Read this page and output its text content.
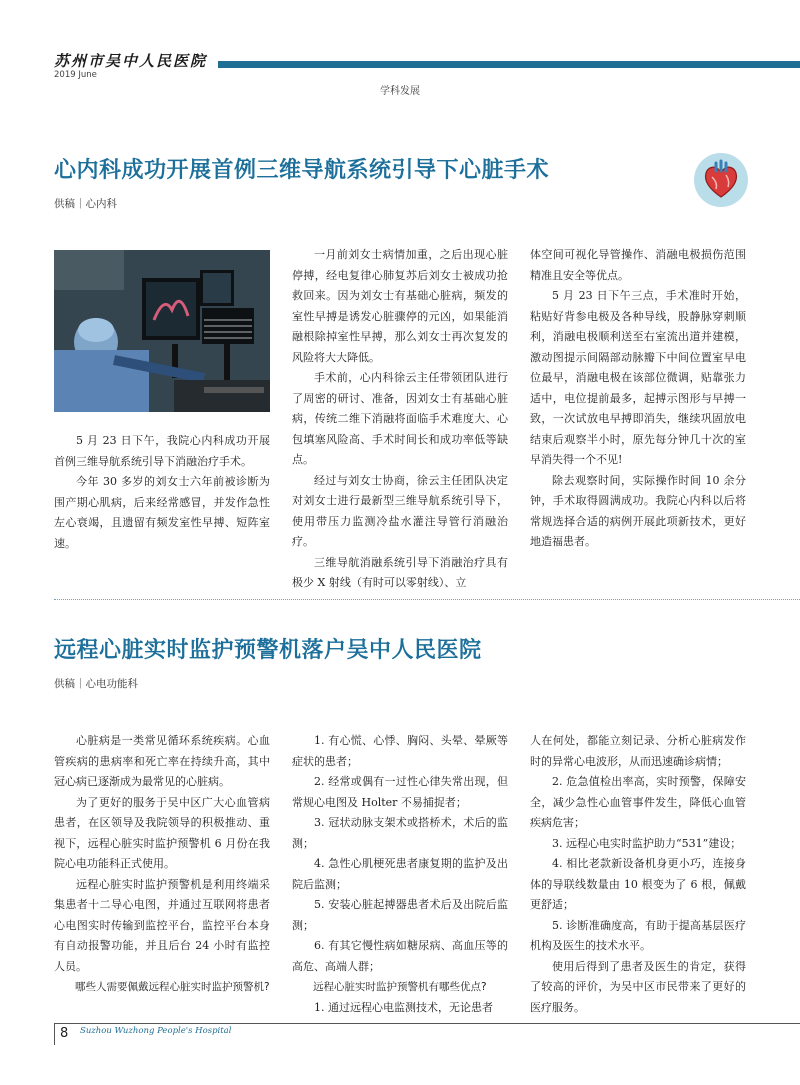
苏州市吴中人民医院
2019 June
学科发展
心内科成功开展首例三维导航系统引导下心脏手术
供稿｜心内科

5 月 23 日下午，我院心内科成功开展首例三维导航系统引导下消融治疗手术。

今年 30 多岁的刘女士六年前被诊断为围产期心肌病，后来经常感冒，并发作急性左心衰竭，且遗留有频发室性早搏、短阵室速。

一月前刘女士病情加重，之后出现心脏停搏，经电复律心肺复苏后刘女士被成功抢救回来。因为刘女士有基础心脏病，频发的室性早搏是诱发心脏骤停的元凶，如果能消融根除掉室性早搏，那么刘女士再次复发的风险将大大降低。

手术前，心内科徐云主任带领团队进行了周密的研讨、准备，因刘女士有基础心脏病，传统二维下消融将面临手术难度大、心包填塞风险高、手术时间长和成功率低等缺点。

经过与刘女士协商，徐云主任团队决定对刘女士进行最新型三维导航系统引导下，使用带压力监测冷盐水灌注导管行消融治疗。

三维导航消融系统引导下消融治疗具有极少 X 射线（有时可以零射线）、立

体空间可视化导管操作、消融电极损伤范围精准且安全等优点。

5 月 23 日下午三点，手术准时开始，粘贴好背参电极及各种导线，股静脉穿刺顺利，消融电极顺利送至右室流出道并建模，激动图提示间隔部动脉瓣下中间位置室早电位最早，消融电极在该部位微调，贴靠张力适中，电位提前最多，起搏示图形与早搏一致，一次试放电早搏即消失，继续巩固放电结束后观察半小时，原先每分钟几十次的室早消失得一个不见!

除去观察时间，实际操作时间 10 余分钟，手术取得圆满成功。我院心内科以后将常规选择合适的病例开展此项新技术，更好地造福患者。

远程心脏实时监护预警机落户吴中人民医院
供稿｜心电功能科

心脏病是一类常见循环系统疾病。心血管疾病的患病率和死亡率在持续升高，其中冠心病已逐渐成为最常见的心脏病。

为了更好的服务于吴中区广大心血管病患者，在区领导及我院领导的积极推动、重视下，远程心脏实时监护预警机 6 月份在我院心电功能科正式使用。

远程心脏实时监护预警机是利用终端采集患者十二导心电图，并通过互联网将患者心电图实时传输到监控平台，监控平台本身有自动报警功能，并且后台 24 小时有监控人员。

哪些人需要佩戴远程心脏实时监护预警机?

1. 有心慌、心悸、胸闷、头晕、晕厥等症状的患者；

2. 经常或偶有一过性心律失常出现，但常规心电图及 Holter 不易捕捉者；

3. 冠状动脉支架术或搭桥术，术后的监测；

4. 急性心肌梗死患者康复期的监护及出院后监测；

5. 安装心脏起搏器患者术后及出院后监测；

6. 有其它慢性病如糖尿病、高血压等的高危、高端人群；

远程心脏实时监护预警机有哪些优点?

1. 通过远程心电监测技术，无论患者

人在何处，都能立刻记录、分析心脏病发作时的异常心电波形，从而迅速确诊病情；

2. 危急值检出率高，实时预警，保障安全，减少急性心血管事件发生，降低心血管疾病危害；

3. 远程心电实时监护助力“531”建设；

4. 相比老款新设备机身更小巧，连接身体的导联线数量由 10 根变为了 6 根，佩戴更舒适；

5. 诊断准确度高，有助于提高基层医疗机构及医生的技术水平。

使用后得到了患者及医生的肯定，获得了较高的评价，为吴中区市民带来了更好的医疗服务。

8 Suzhou Wuzhong People's Hospital
